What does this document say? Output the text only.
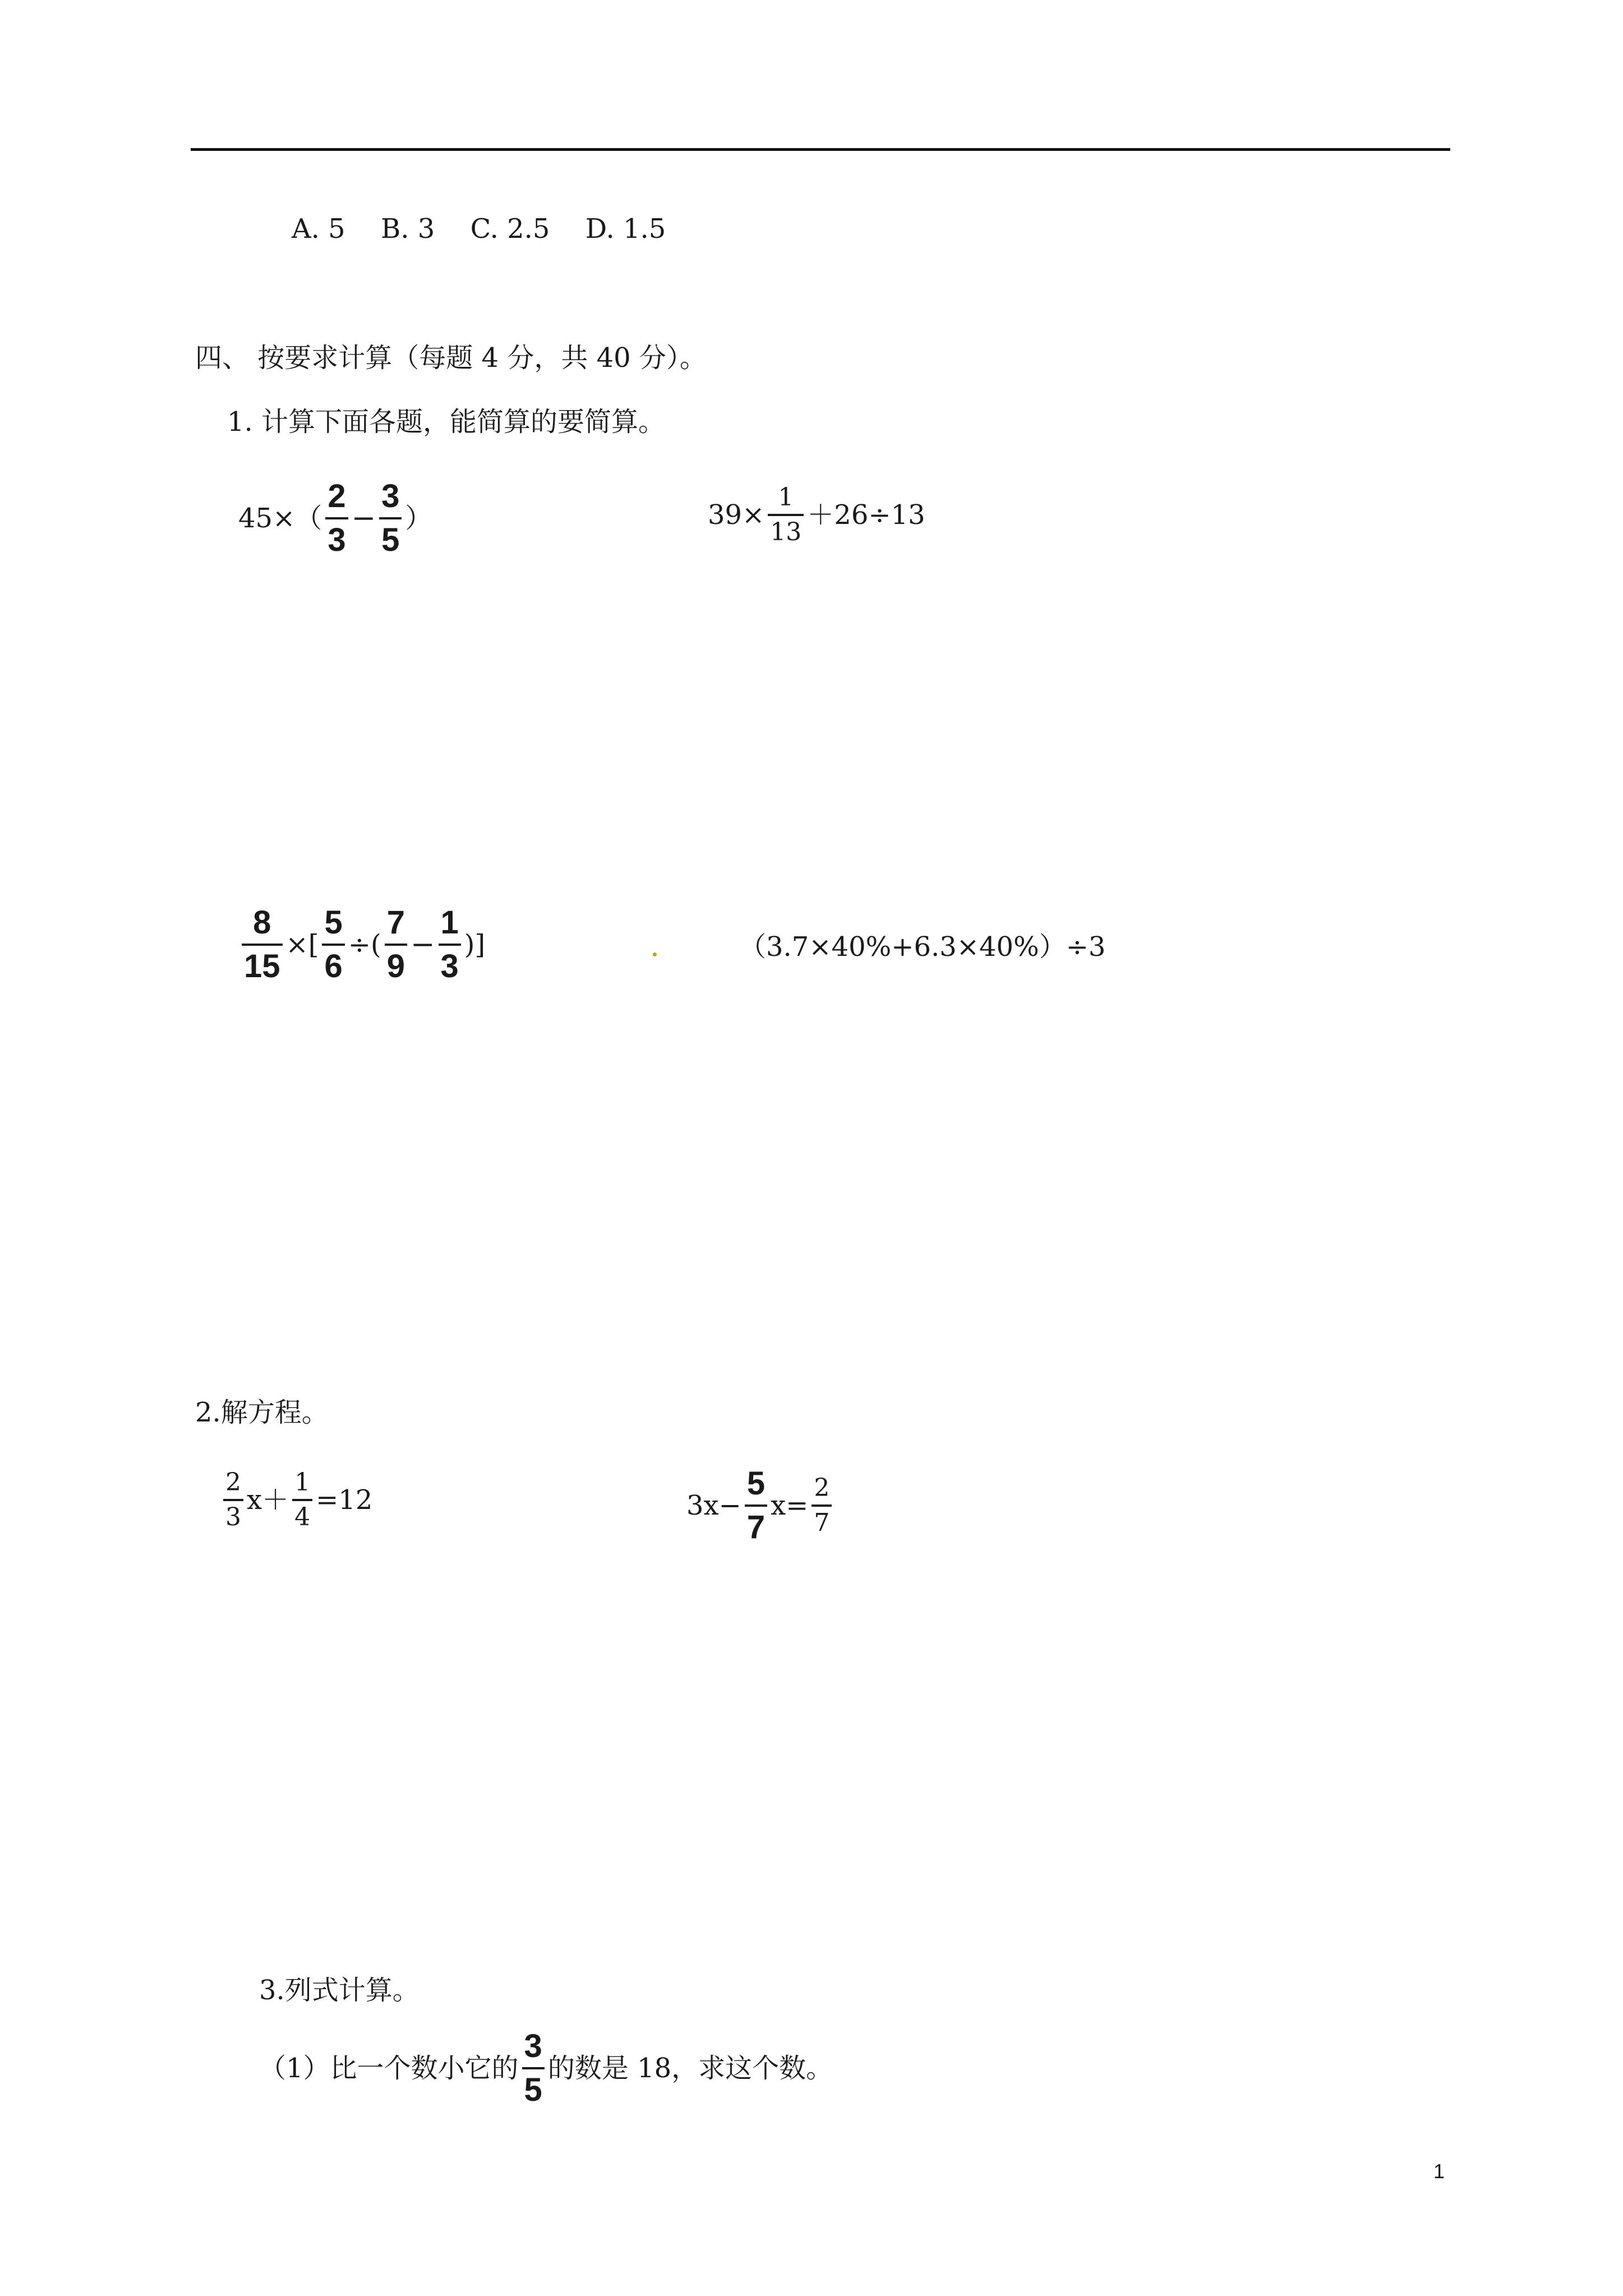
A. 5　 B. 3　 C. 2.5　 D. 1.5
四、 按要求计算（每题 4 分，共 40 分）。
1. 计算下面各题，能简算的要简算。
$45\times( \frac{2}{3} - \frac{3}{5}$ ）	$39\times \frac{1}{13} +26\div 13$
$\frac{8}{15}$ ×[ $\frac{5}{6}$ ÷( $\frac{7}{9} - \frac{1}{3}$ )]	（3.7×40%+6.3×40%）÷3
2.解方程。
$\frac{2}{3} x+ \frac{1}{4} =12$	$3x- \frac{5}{7} x= \frac{2}{7}$
3.列式计算。
（1）比一个数小它的 $\frac{3}{5}$ 的数是 18，求这个数。
1
